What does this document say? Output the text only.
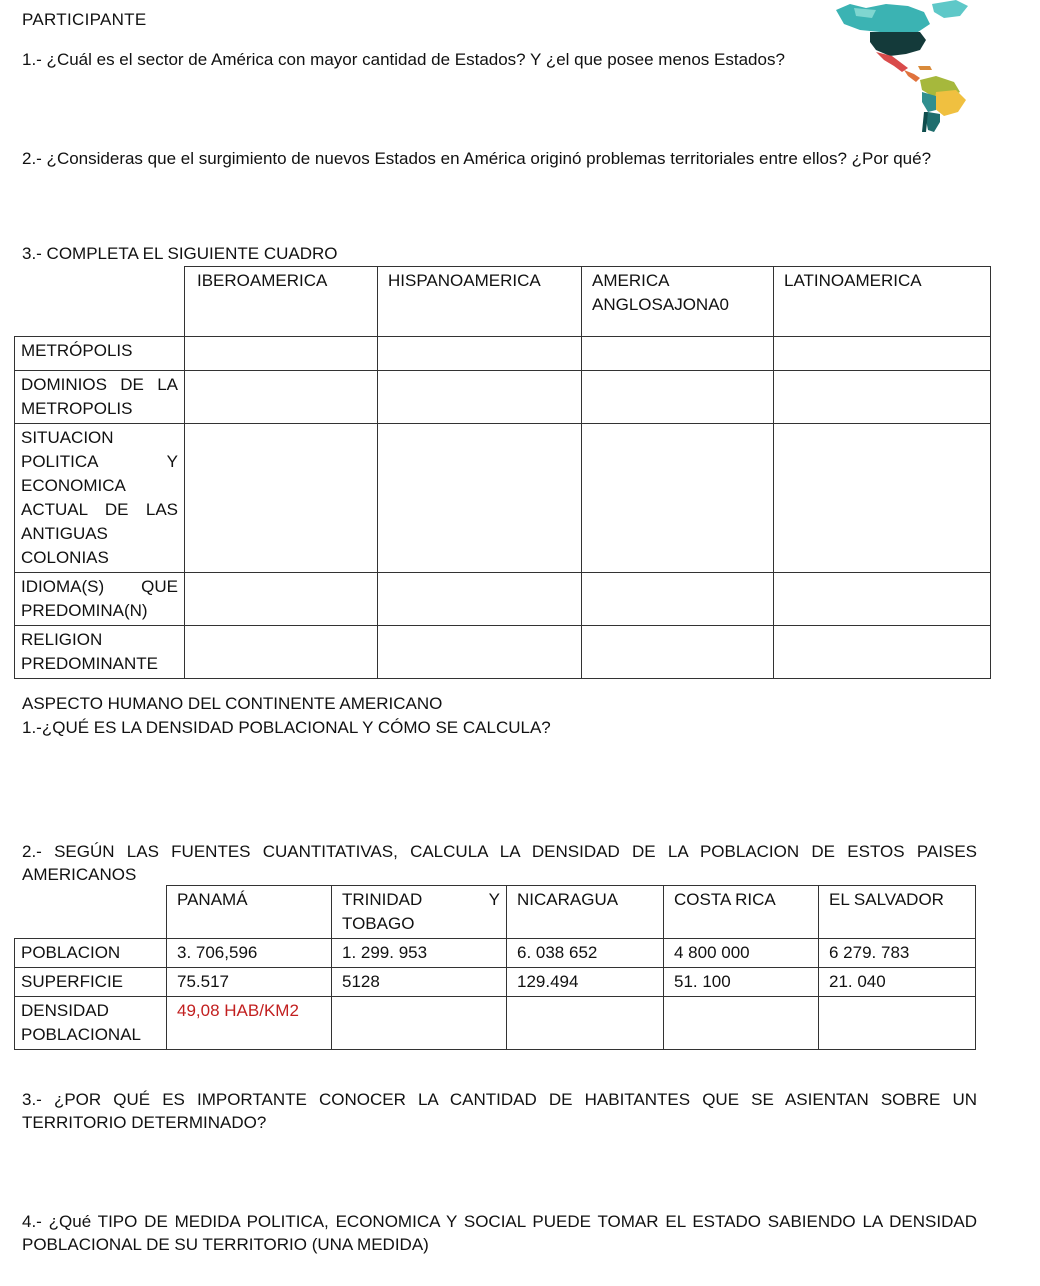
PARTICIPANTE

1.- ¿Cuál es el sector de América con mayor cantidad de Estados? Y ¿el que posee menos Estados?

2.- ¿Consideras que el surgimiento de nuevos Estados en América originó problemas territoriales entre ellos? ¿Por qué?

3.- COMPLETA EL SIGUIENTE CUADRO

	IBEROAMERICA	HISPANOAMERICA	AMERICA ANGLOSAJONA0	LATINOAMERICA
METRÓPOLIS				
DOMINIOS DE LA METROPOLIS				
SITUACION POLITICA Y ECONOMICA ACTUAL DE LAS ANTIGUAS COLONIAS				
IDIOMA(S) QUE PREDOMINA(N)				
RELIGION PREDOMINANTE				

ASPECTO HUMANO DEL CONTINENTE AMERICANO

1.-¿QUÉ ES LA DENSIDAD POBLACIONAL Y CÓMO SE CALCULA?

2.- SEGÚN LAS FUENTES CUANTITATIVAS, CALCULA LA DENSIDAD DE LA POBLACION DE ESTOS PAISES AMERICANOS

	PANAMÁ	TRINIDAD Y TOBAGO	NICARAGUA	COSTA RICA	EL SALVADOR
POBLACION	3. 706,596	1. 299. 953	6. 038 652	4 800 000	6 279. 783
SUPERFICIE	75.517	5128	129.494	51. 100	21. 040
DENSIDAD POBLACIONAL	49,08 HAB/KM2				

3.- ¿POR QUÉ ES IMPORTANTE CONOCER LA CANTIDAD DE HABITANTES QUE SE ASIENTAN SOBRE UN TERRITORIO DETERMINADO?

4.- ¿Qué TIPO DE MEDIDA POLITICA, ECONOMICA Y SOCIAL PUEDE TOMAR EL ESTADO SABIENDO LA DENSIDAD POBLACIONAL DE SU TERRITORIO (UNA MEDIDA)
